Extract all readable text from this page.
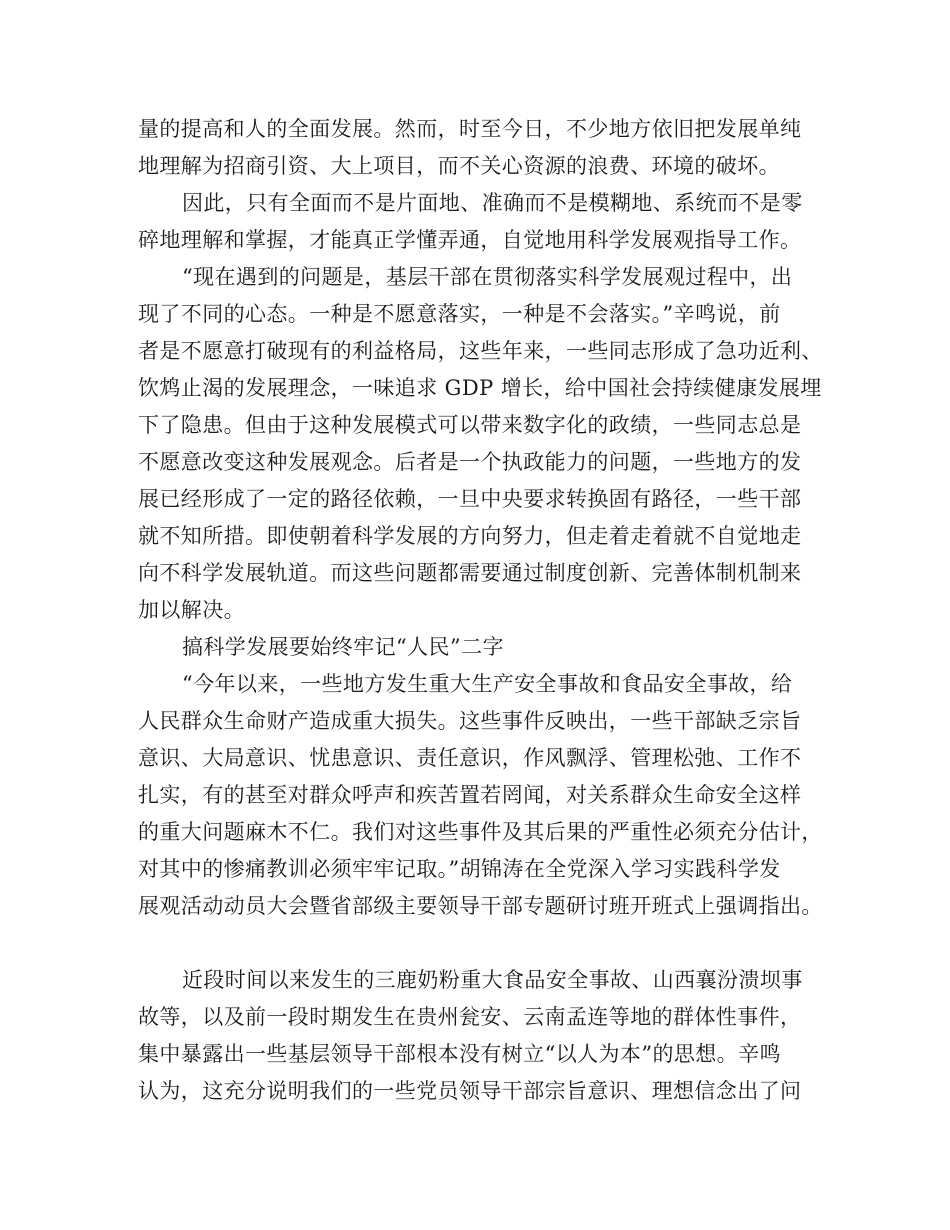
量的提高和人的全面发展。然而，时至今日，不少地方依旧把发展单纯
地理解为招商引资、大上项目，而不关心资源的浪费、环境的破坏。
因此，只有全面而不是片面地、准确而不是模糊地、系统而不是零
碎地理解和掌握，才能真正学懂弄通，自觉地用科学发展观指导工作。
“现在遇到的问题是，基层干部在贯彻落实科学发展观过程中，出
现了不同的心态。一种是不愿意落实，一种是不会落实。”辛鸣说，前
者是不愿意打破现有的利益格局，这些年来，一些同志形成了急功近利、
饮鸩止渴的发展理念，一味追求 GDP 增长，给中国社会持续健康发展埋
下了隐患。但由于这种发展模式可以带来数字化的政绩，一些同志总是
不愿意改变这种发展观念。后者是一个执政能力的问题，一些地方的发
展已经形成了一定的路径依赖，一旦中央要求转换固有路径，一些干部
就不知所措。即使朝着科学发展的方向努力，但走着走着就不自觉地走
向不科学发展轨道。而这些问题都需要通过制度创新、完善体制机制来
加以解决。
搞科学发展要始终牢记“人民”二字
“今年以来，一些地方发生重大生产安全事故和食品安全事故，给
人民群众生命财产造成重大损失。这些事件反映出，一些干部缺乏宗旨
意识、大局意识、忧患意识、责任意识，作风飘浮、管理松弛、工作不
扎实，有的甚至对群众呼声和疾苦置若罔闻，对关系群众生命安全这样
的重大问题麻木不仁。我们对这些事件及其后果的严重性必须充分估计，
对其中的惨痛教训必须牢牢记取。”胡锦涛在全党深入学习实践科学发
展观活动动员大会暨省部级主要领导干部专题研讨班开班式上强调指出。
近段时间以来发生的三鹿奶粉重大食品安全事故、山西襄汾溃坝事
故等，以及前一段时期发生在贵州瓮安、云南孟连等地的群体性事件，
集中暴露出一些基层领导干部根本没有树立“以人为本”的思想。辛鸣
认为，这充分说明我们的一些党员领导干部宗旨意识、理想信念出了问
